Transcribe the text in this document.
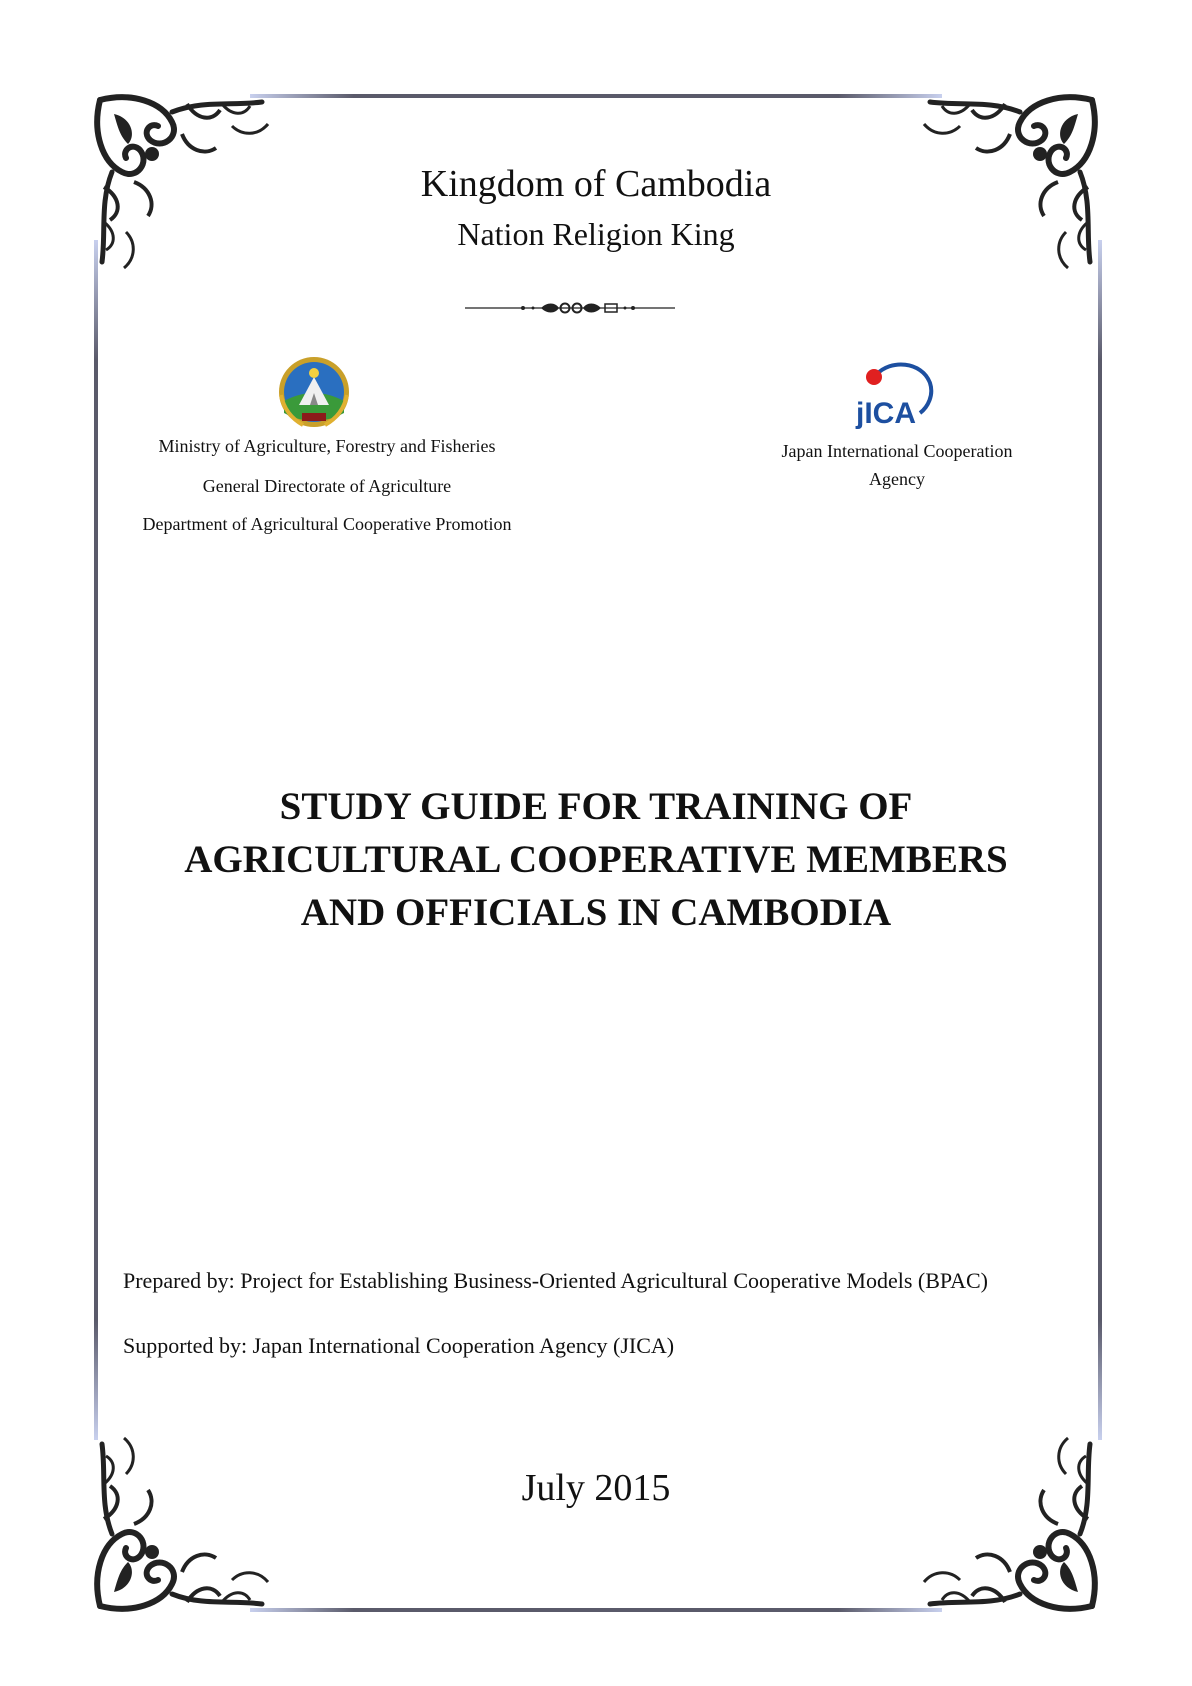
Kingdom of Cambodia
Nation Religion King
jICA
Ministry of Agriculture, Forestry and Fisheries
General Directorate of Agriculture
Department of Agricultural Cooperative Promotion
Japan International Cooperation
Agency
STUDY GUIDE FOR TRAINING OF
AGRICULTURAL COOPERATIVE MEMBERS
AND OFFICIALS IN CAMBODIA
Prepared by: Project for Establishing Business-Oriented Agricultural Cooperative Models (BPAC)
Supported by: Japan International Cooperation Agency (JICA)
July 2015
